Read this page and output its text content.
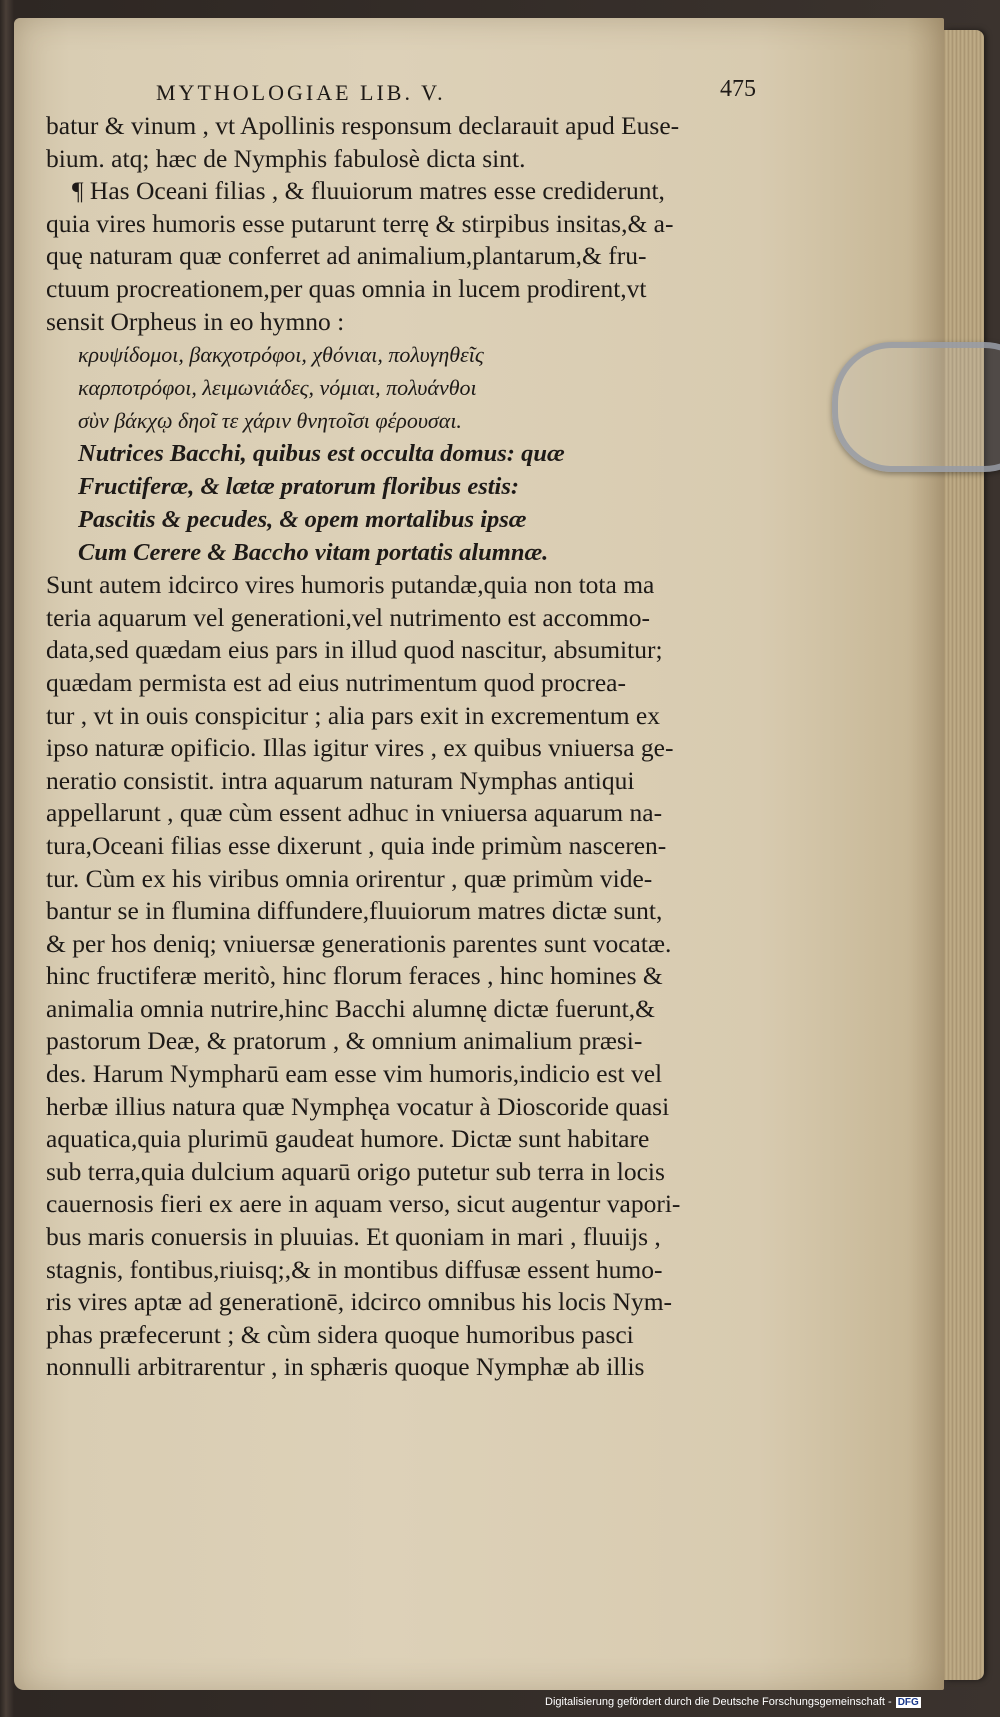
MYTHOLOGIAE LIB. V.	475
batur & vinum , vt Apollinis responsum declarauit apud Euse-
bium. atq; hæc de Nymphis fabulosè dicta sint.
¶ Has Oceani filias , & fluuiorum matres esse crediderunt,
quia vires humoris esse putarunt terrę & stirpibus insitas,& a-
quę naturam quæ conferret ad animalium,plantarum,& fru-
ctuum procreationem,per quas omnia in lucem prodirent,vt
sensit Orpheus in eo hymno :
κρυψίδομοι, βακχοτρόφοι, χθόνιαι, πολυγηθεῖς
καρποτρόφοι, λειμωνιάδες, νόμιαι, πολυάνθοι
σὺν βάκχῳ δηοῖ τε χάριν θνητοῖσι φέρουσαι.
Nutrices Bacchi, quibus est occulta domus: quæ
Fructiferæ, & lætæ pratorum floribus estis:
Pascitis & pecudes, & opem mortalibus ipsæ
Cum Cerere & Baccho vitam portatis alumnæ.
Sunt autem idcirco vires humoris putandæ,quia non tota ma
teria aquarum vel generationi,vel nutrimento est accommo-
data,sed quædam eius pars in illud quod nascitur, absumitur;
quædam permista est ad eius nutrimentum quod procrea-
tur , vt in ouis conspicitur ; alia pars exit in excrementum ex
ipso naturæ opificio. Illas igitur vires , ex quibus vniuersa ge-
neratio consistit. intra aquarum naturam Nymphas antiqui
appellarunt , quæ cùm essent adhuc in vniuersa aquarum na-
tura,Oceani filias esse dixerunt , quia inde primùm nasceren-
tur. Cùm ex his viribus omnia orirentur , quæ primùm vide-
bantur se in flumina diffundere,fluuiorum matres dictæ sunt,
& per hos deniq; vniuersæ generationis parentes sunt vocatæ.
hinc fructiferæ meritò, hinc florum feraces , hinc homines &
animalia omnia nutrire,hinc Bacchi alumnę dictæ fuerunt,&
pastorum Deæ, & pratorum , & omnium animalium præsi-
des. Harum Nympharū eam esse vim humoris,indicio est vel
herbæ illius natura quæ Nymphęa vocatur à Dioscoride quasi
aquatica,quia plurimū gaudeat humore. Dictæ sunt habitare
sub terra,quia dulcium aquarū origo putetur sub terra in locis
cauernosis fieri ex aere in aquam verso, sicut augentur vapori-
bus maris conuersis in pluuias. Et quoniam in mari , fluuijs ,
stagnis, fontibus,riuisq;,& in montibus diffusæ essent humo-
ris vires aptæ ad generationē, idcirco omnibus his locis Nym-
phas præfecerunt ; & cùm sidera quoque humoribus pasci
nonnulli arbitrarentur , in sphæris quoque Nymphæ ab illis
Digitalisierung gefördert durch die Deutsche Forschungsgemeinschaft - DFG
